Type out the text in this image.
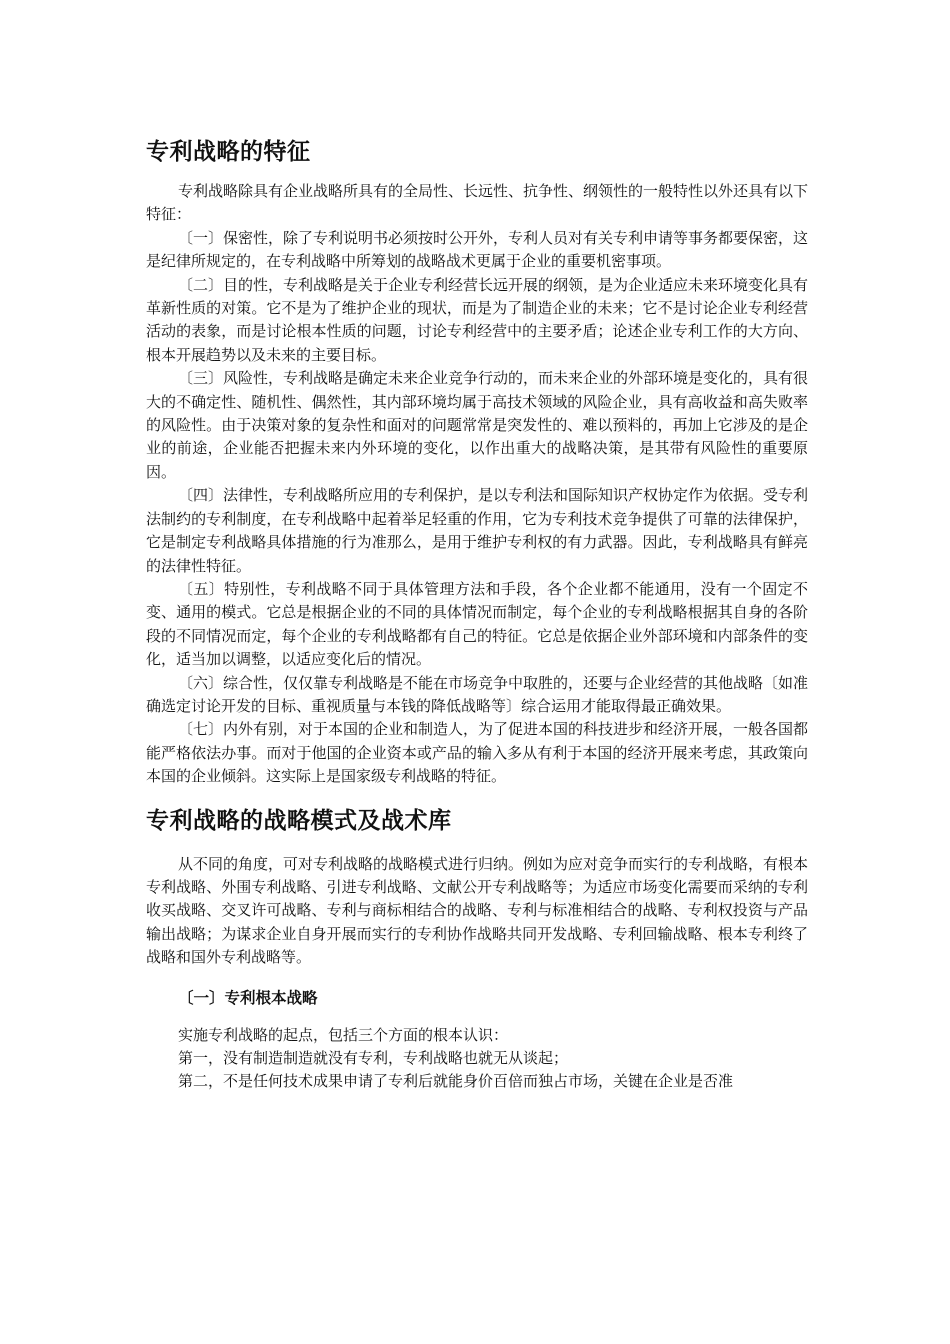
专利战略的特征

专利战略除具有企业战略所具有的全局性、长远性、抗争性、纲领性的一般特性以外还具有以下特征：

〔一〕保密性，除了专利说明书必须按时公开外，专利人员对有关专利申请等事务都要保密，这是纪律所规定的，在专利战略中所筹划的战略战术更属于企业的重要机密事项。

〔二〕目的性，专利战略是关于企业专利经营长远开展的纲领，是为企业适应未来环境变化具有革新性质的对策。它不是为了维护企业的现状，而是为了制造企业的未来；它不是讨论企业专利经营活动的表象，而是讨论根本性质的问题，讨论专利经营中的主要矛盾；论述企业专利工作的大方向、根本开展趋势以及未来的主要目标。

〔三〕风险性，专利战略是确定未来企业竞争行动的，而未来企业的外部环境是变化的，具有很大的不确定性、随机性、偶然性，其内部环境均属于高技术领域的风险企业，具有高收益和高失败率的风险性。由于决策对象的复杂性和面对的问题常常是突发性的、难以预料的，再加上它涉及的是企业的前途，企业能否把握未来内外环境的变化，以作出重大的战略决策，是其带有风险性的重要原因。

〔四〕法律性，专利战略所应用的专利保护，是以专利法和国际知识产权协定作为依据。受专利法制约的专利制度，在专利战略中起着举足轻重的作用，它为专利技术竞争提供了可靠的法律保护，它是制定专利战略具体措施的行为准那么，是用于维护专利权的有力武器。因此，专利战略具有鲜亮的法律性特征。

〔五〕特别性，专利战略不同于具体管理方法和手段，各个企业都不能通用，没有一个固定不变、通用的模式。它总是根据企业的不同的具体情况而制定，每个企业的专利战略根据其自身的各阶段的不同情况而定，每个企业的专利战略都有自己的特征。它总是依据企业外部环境和内部条件的变化，适当加以调整，以适应变化后的情况。

〔六〕综合性，仅仅靠专利战略是不能在市场竞争中取胜的，还要与企业经营的其他战略〔如准确选定讨论开发的目标、重视质量与本钱的降低战略等〕综合运用才能取得最正确效果。

〔七〕内外有别，对于本国的企业和制造人，为了促进本国的科技进步和经济开展，一般各国都能严格依法办事。而对于他国的企业资本或产品的输入多从有利于本国的经济开展来考虑，其政策向本国的企业倾斜。这实际上是国家级专利战略的特征。

专利战略的战略模式及战术库

从不同的角度，可对专利战略的战略模式进行归纳。例如为应对竞争而实行的专利战略，有根本专利战略、外围专利战略、引进专利战略、文献公开专利战略等；为适应市场变化需要而采纳的专利收买战略、交叉许可战略、专利与商标相结合的战略、专利与标准相结合的战略、专利权投资与产品输出战略；为谋求企业自身开展而实行的专利协作战略共同开发战略、专利回输战略、根本专利终了战略和国外专利战略等。

〔一〕专利根本战略

实施专利战略的起点，包括三个方面的根本认识：

第一，没有制造制造就没有专利，专利战略也就无从谈起；

第二，不是任何技术成果申请了专利后就能身价百倍而独占市场，关键在企业是否准
